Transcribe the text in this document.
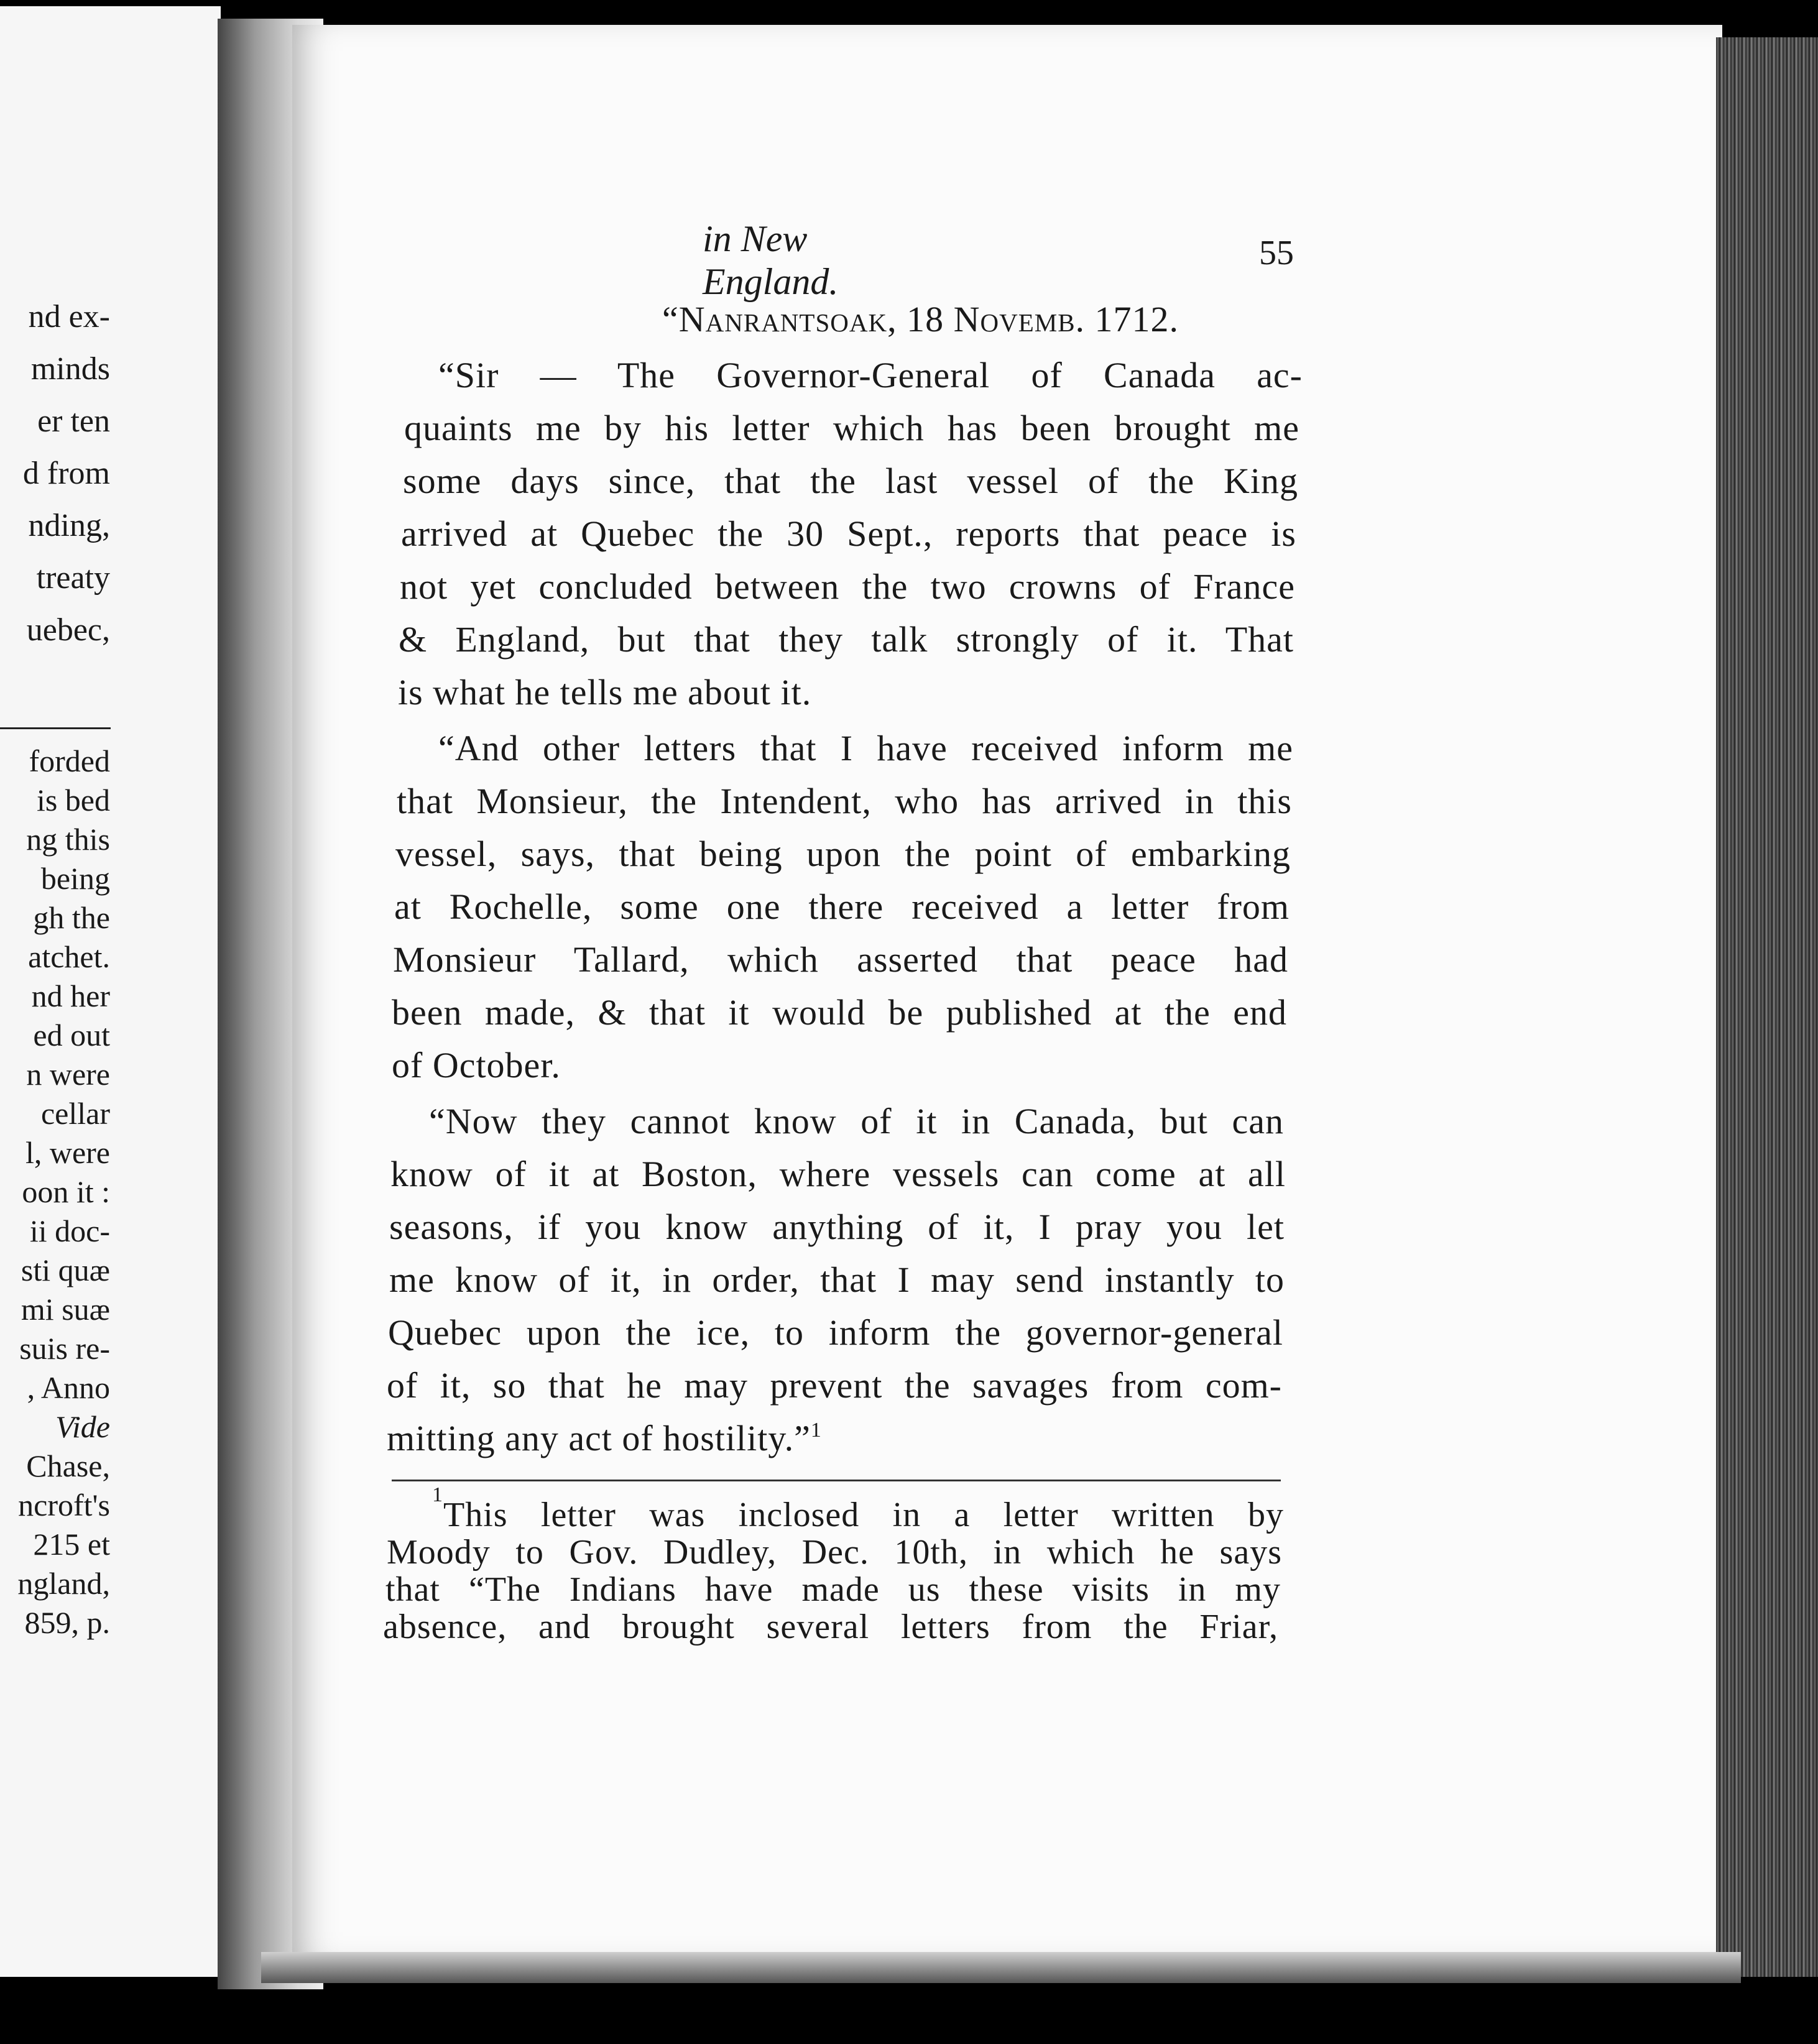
nd ex-
minds
er ten
d from
nding,
treaty
uebec,
forded
is bed
ng this
being
gh the
atchet.
nd her
ed out
n were
cellar
l, were
oon it :
ii doc-
sti quæ
mi suæ
suis re-
, Anno
Vide
Chase,
ncroft's
215 et
ngland,
859, p.
in New England.
55
“Nanrantsoak, 18 Novemb. 1712.
“Sir — The Governor-General of Canada ac-
quaints me by his letter which has been brought me
some days since, that the last vessel of the King
arrived at Quebec the 30 Sept., reports that peace is
not yet concluded between the two crowns of France
& England, but that they talk strongly of it. That
is what he tells me about it.
“And other letters that I have received inform me
that Monsieur, the Intendent, who has arrived in this
vessel, says, that being upon the point of embarking
at Rochelle, some one there received a letter from
Monsieur Tallard, which asserted that peace had
been made, & that it would be published at the end
of October.
“Now they cannot know of it in Canada, but can
know of it at Boston, where vessels can come at all
seasons, if you know anything of it, I pray you let
me know of it, in order, that I may send instantly to
Quebec upon the ice, to inform the governor-general
of it, so that he may prevent the savages from com-
mitting any act of hostility.”$^1$
1
This letter was inclosed in a letter written by
Moody to Gov. Dudley, Dec. 10th, in which he says
that “The Indians have made us these visits in my
absence, and brought several letters from the Friar,
